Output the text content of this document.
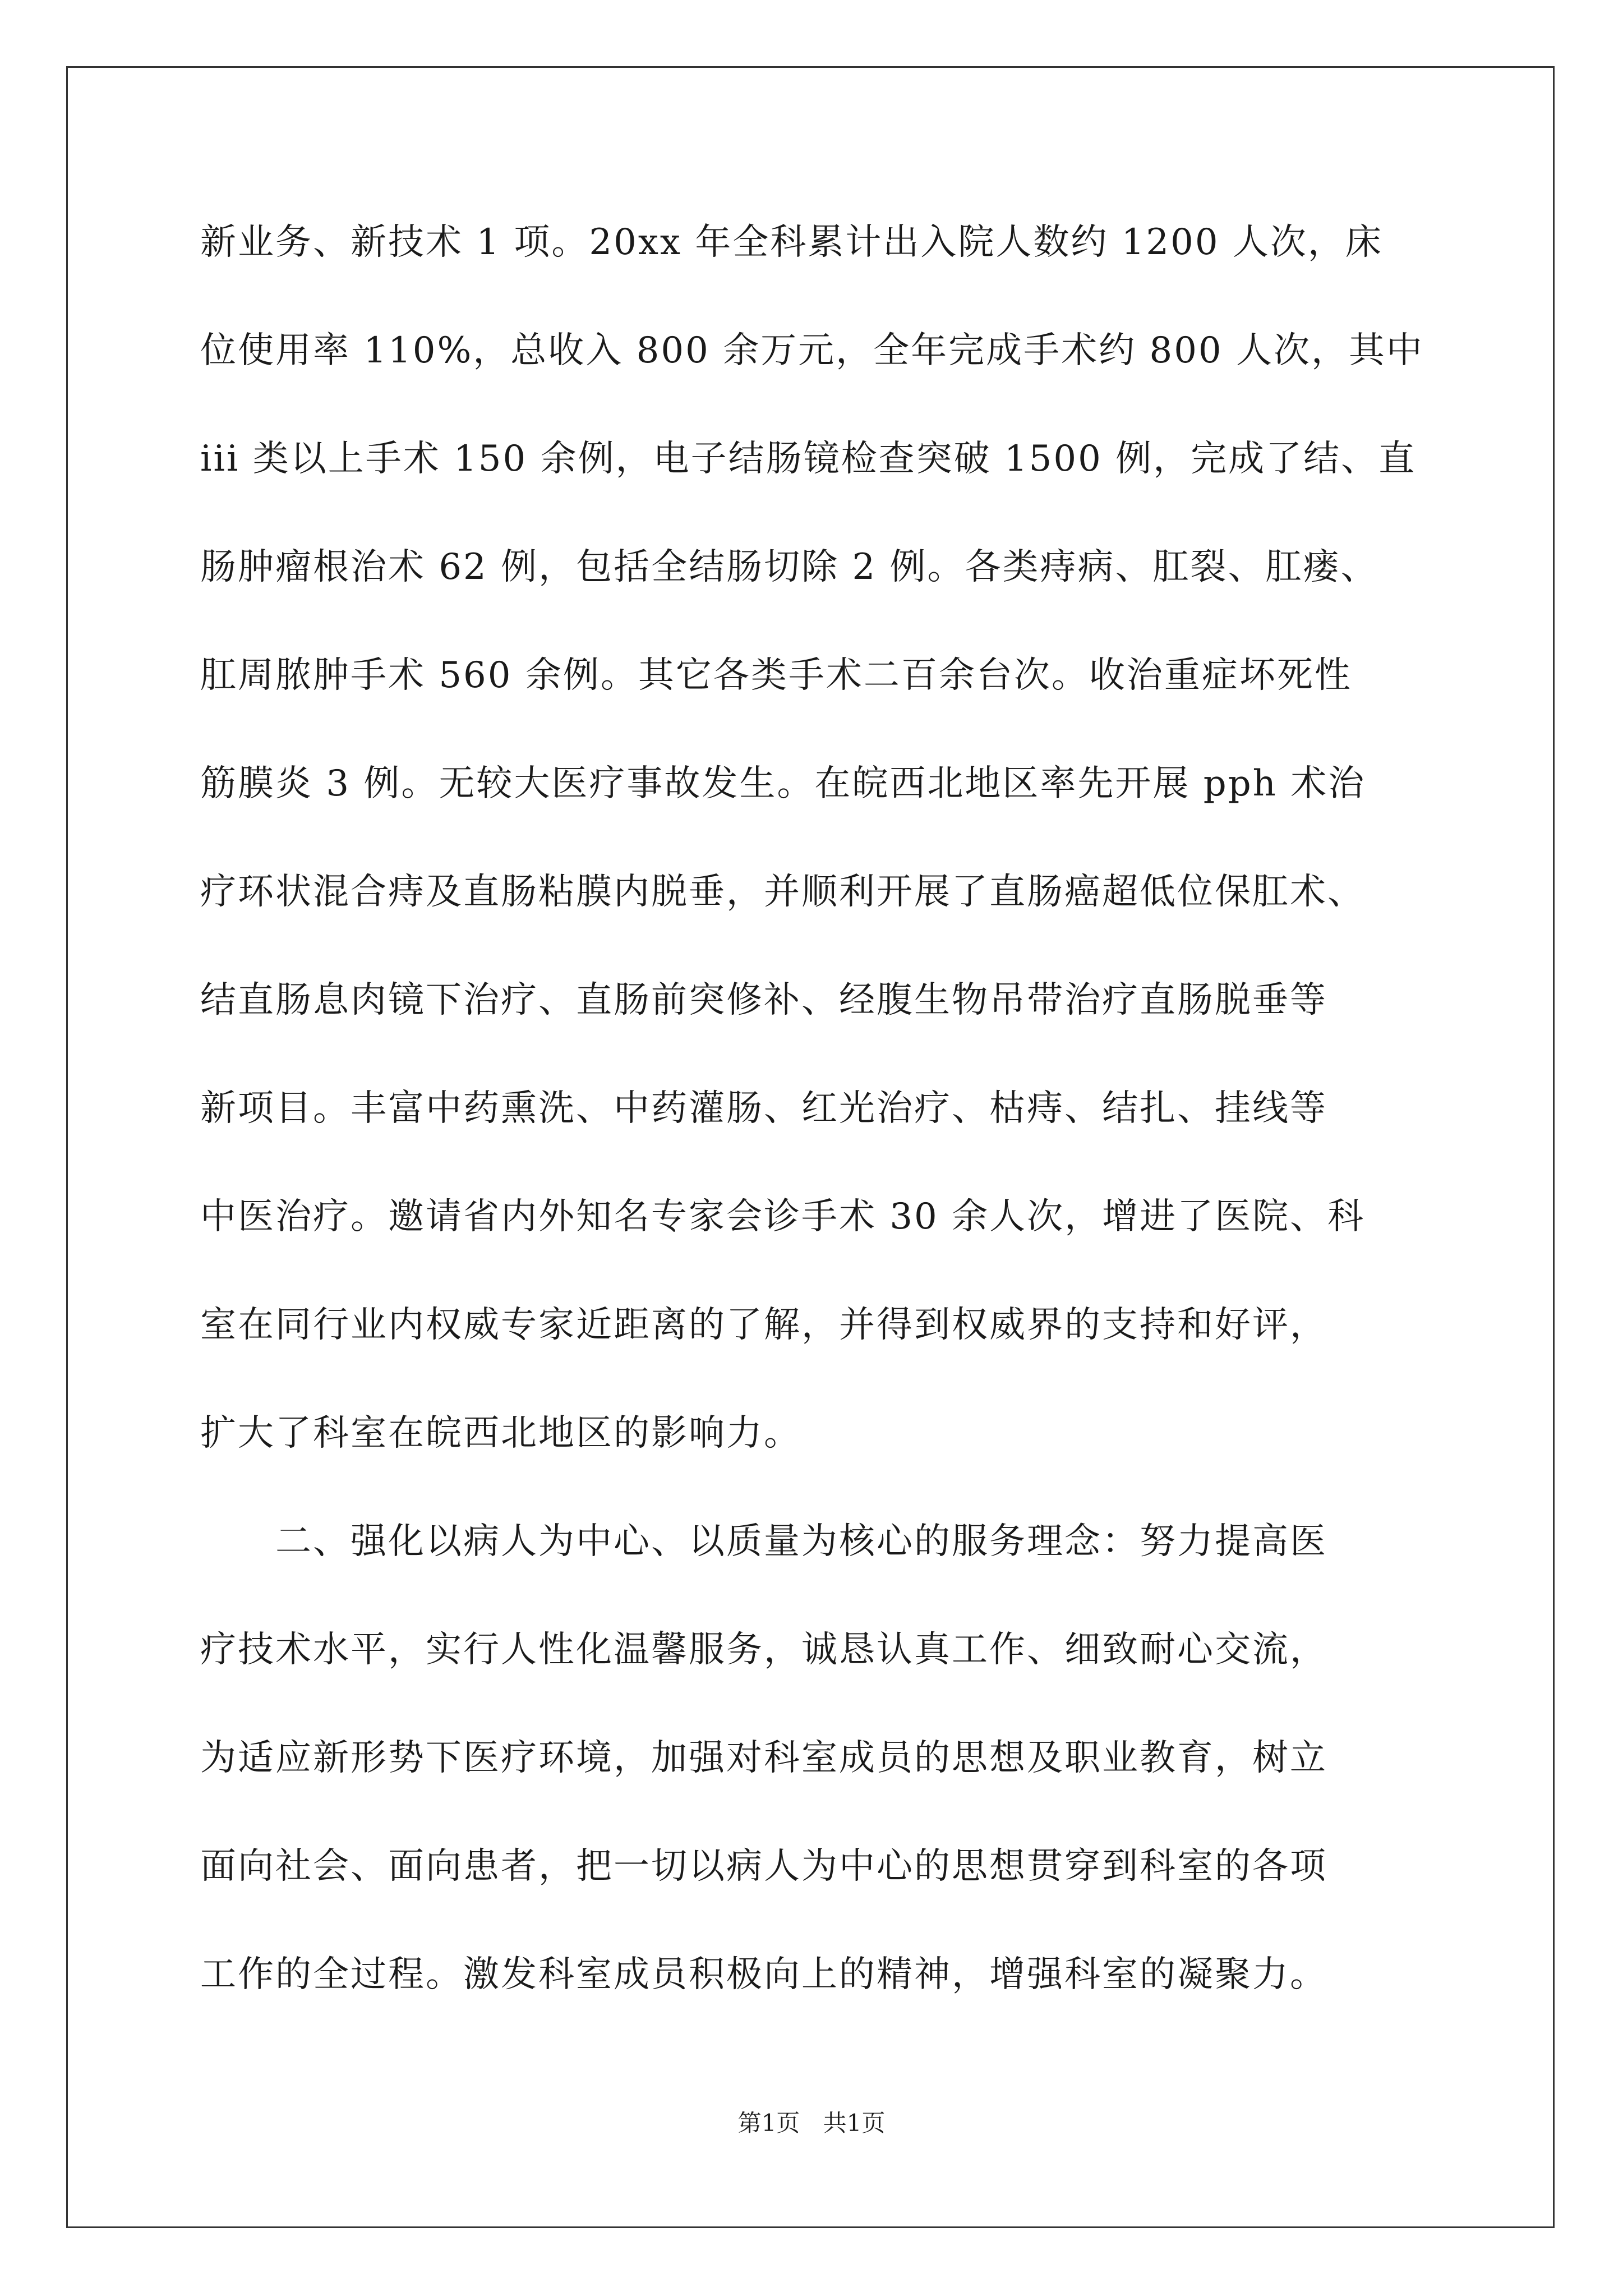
新业务、新技术 1 项。20xx 年全科累计出入院人数约 1200 人次，床
位使用率 110%，总收入 800 余万元，全年完成手术约 800 人次，其中
iii 类以上手术 150 余例，电子结肠镜检查突破 1500 例，完成了结、直
肠肿瘤根治术 62 例，包括全结肠切除 2 例。各类痔病、肛裂、肛瘘、
肛周脓肿手术 560 余例。其它各类手术二百余台次。收治重症坏死性
筋膜炎 3 例。无较大医疗事故发生。在皖西北地区率先开展 pph 术治
疗环状混合痔及直肠粘膜内脱垂，并顺利开展了直肠癌超低位保肛术、
结直肠息肉镜下治疗、直肠前突修补、经腹生物吊带治疗直肠脱垂等
新项目。丰富中药熏洗、中药灌肠、红光治疗、枯痔、结扎、挂线等
中医治疗。邀请省内外知名专家会诊手术 30 余人次，增进了医院、科
室在同行业内权威专家近距离的了解，并得到权威界的支持和好评，
扩大了科室在皖西北地区的影响力。
二、强化以病人为中心、以质量为核心的服务理念：努力提高医
疗技术水平，实行人性化温馨服务，诚恳认真工作、细致耐心交流，
为适应新形势下医疗环境，加强对科室成员的思想及职业教育，树立
面向社会、面向患者，把一切以病人为中心的思想贯穿到科室的各项
工作的全过程。激发科室成员积极向上的精神，增强科室的凝聚力。
第1页 共1页
